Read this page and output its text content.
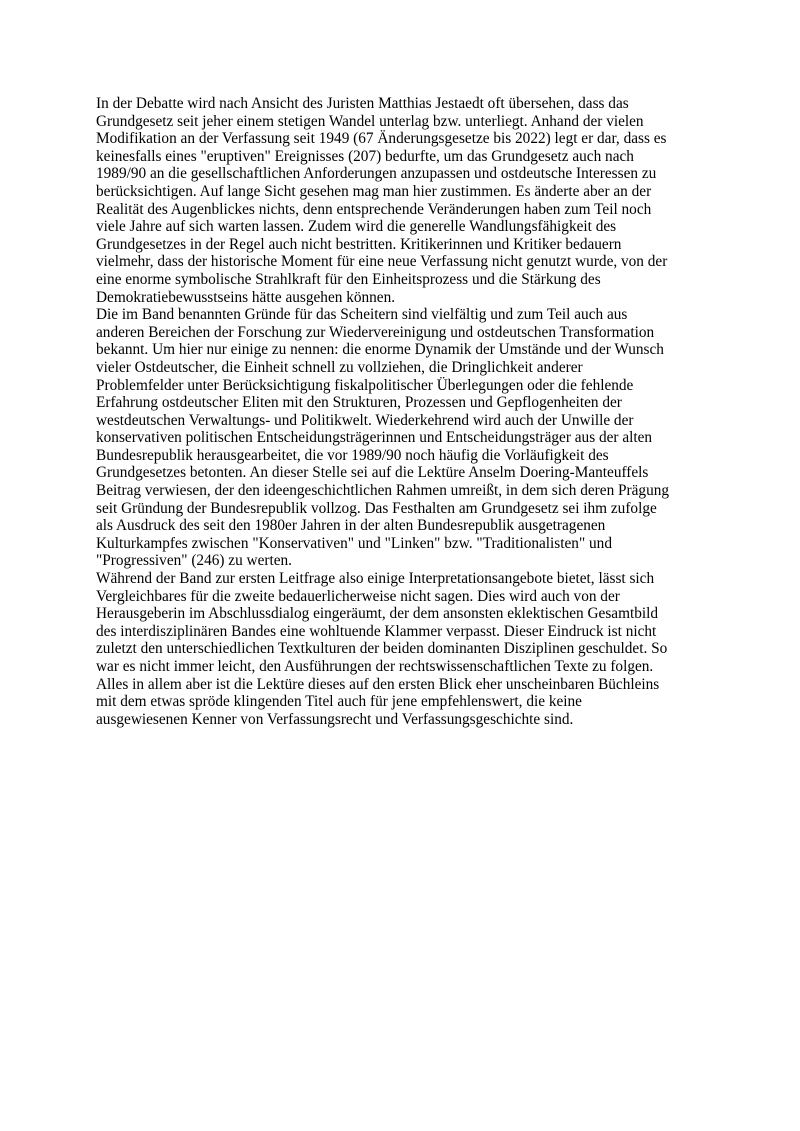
In der Debatte wird nach Ansicht des Juristen Matthias Jestaedt oft übersehen, dass das
Grundgesetz seit jeher einem stetigen Wandel unterlag bzw. unterliegt. Anhand der vielen
Modifikation an der Verfassung seit 1949 (67 Änderungsgesetze bis 2022) legt er dar, dass es
keinesfalls eines "eruptiven" Ereignisses (207) bedurfte, um das Grundgesetz auch nach
1989/90 an die gesellschaftlichen Anforderungen anzupassen und ostdeutsche Interessen zu
berücksichtigen. Auf lange Sicht gesehen mag man hier zustimmen. Es änderte aber an der
Realität des Augenblickes nichts, denn entsprechende Veränderungen haben zum Teil noch
viele Jahre auf sich warten lassen. Zudem wird die generelle Wandlungsfähigkeit des
Grundgesetzes in der Regel auch nicht bestritten. Kritikerinnen und Kritiker bedauern
vielmehr, dass der historische Moment für eine neue Verfassung nicht genutzt wurde, von der
eine enorme symbolische Strahlkraft für den Einheitsprozess und die Stärkung des
Demokratiebewusstseins hätte ausgehen können.

Die im Band benannten Gründe für das Scheitern sind vielfältig und zum Teil auch aus
anderen Bereichen der Forschung zur Wiedervereinigung und ostdeutschen Transformation
bekannt. Um hier nur einige zu nennen: die enorme Dynamik der Umstände und der Wunsch
vieler Ostdeutscher, die Einheit schnell zu vollziehen, die Dringlichkeit anderer
Problemfelder unter Berücksichtigung fiskalpolitischer Überlegungen oder die fehlende
Erfahrung ostdeutscher Eliten mit den Strukturen, Prozessen und Gepflogenheiten der
westdeutschen Verwaltungs- und Politikwelt. Wiederkehrend wird auch der Unwille der
konservativen politischen Entscheidungsträgerinnen und Entscheidungsträger aus der alten
Bundesrepublik herausgearbeitet, die vor 1989/90 noch häufig die Vorläufigkeit des
Grundgesetzes betonten. An dieser Stelle sei auf die Lektüre Anselm Doering-Manteuffels
Beitrag verwiesen, der den ideengeschichtlichen Rahmen umreißt, in dem sich deren Prägung
seit Gründung der Bundesrepublik vollzog. Das Festhalten am Grundgesetz sei ihm zufolge
als Ausdruck des seit den 1980er Jahren in der alten Bundesrepublik ausgetragenen
Kulturkampfes zwischen "Konservativen" und "Linken" bzw. "Traditionalisten" und
"Progressiven" (246) zu werten.

Während der Band zur ersten Leitfrage also einige Interpretationsangebote bietet, lässt sich
Vergleichbares für die zweite bedauerlicherweise nicht sagen. Dies wird auch von der
Herausgeberin im Abschlussdialog eingeräumt, der dem ansonsten eklektischen Gesamtbild
des interdisziplinären Bandes eine wohltuende Klammer verpasst. Dieser Eindruck ist nicht
zuletzt den unterschiedlichen Textkulturen der beiden dominanten Disziplinen geschuldet. So
war es nicht immer leicht, den Ausführungen der rechtswissenschaftlichen Texte zu folgen.
Alles in allem aber ist die Lektüre dieses auf den ersten Blick eher unscheinbaren Büchleins
mit dem etwas spröde klingenden Titel auch für jene empfehlenswert, die keine
ausgewiesenen Kenner von Verfassungsrecht und Verfassungsgeschichte sind.
